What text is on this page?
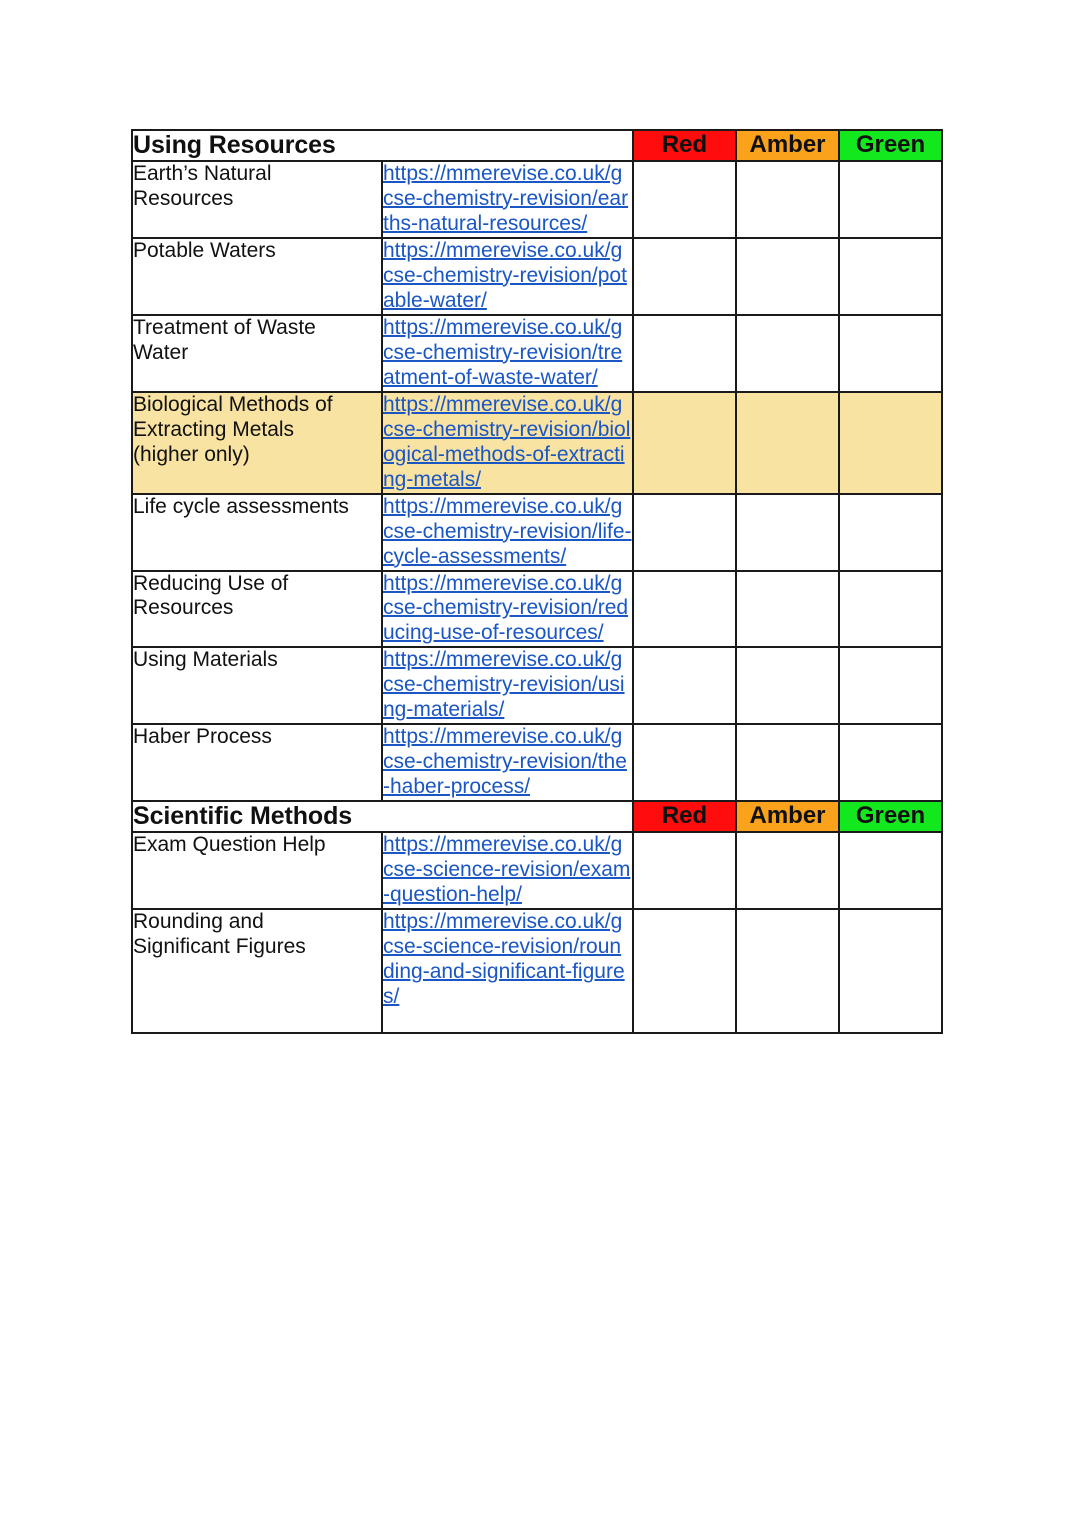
Using Resources		Red	Amber	Green

Earth’s Natural
Resources	https://mmerevise.co.uk/gcse-chemistry-revision/earths-natural-resources/			

Potable Waters	https://mmerevise.co.uk/gcse-chemistry-revision/potable-water/			

Treatment of Waste
Water	https://mmerevise.co.uk/gcse-chemistry-revision/treatment-of-waste-water/			

Biological Methods of
Extracting Metals
(higher only)	https://mmerevise.co.uk/gcse-chemistry-revision/biological-methods-of-extracting-metals/			

Life cycle assessments	https://mmerevise.co.uk/gcse-chemistry-revision/life-cycle-assessments/			

Reducing Use of
Resources	https://mmerevise.co.uk/gcse-chemistry-revision/reducing-use-of-resources/			

Using Materials	https://mmerevise.co.uk/gcse-chemistry-revision/using-materials/			

Haber Process	https://mmerevise.co.uk/gcse-chemistry-revision/the-haber-process/			
Scientific Methods		Red	Amber	Green

Exam Question Help	https://mmerevise.co.uk/gcse-science-revision/exam-question-help/			

Rounding and
Significant Figures	https://mmerevise.co.uk/gcse-science-revision/rounding-and-significant-figures/			
